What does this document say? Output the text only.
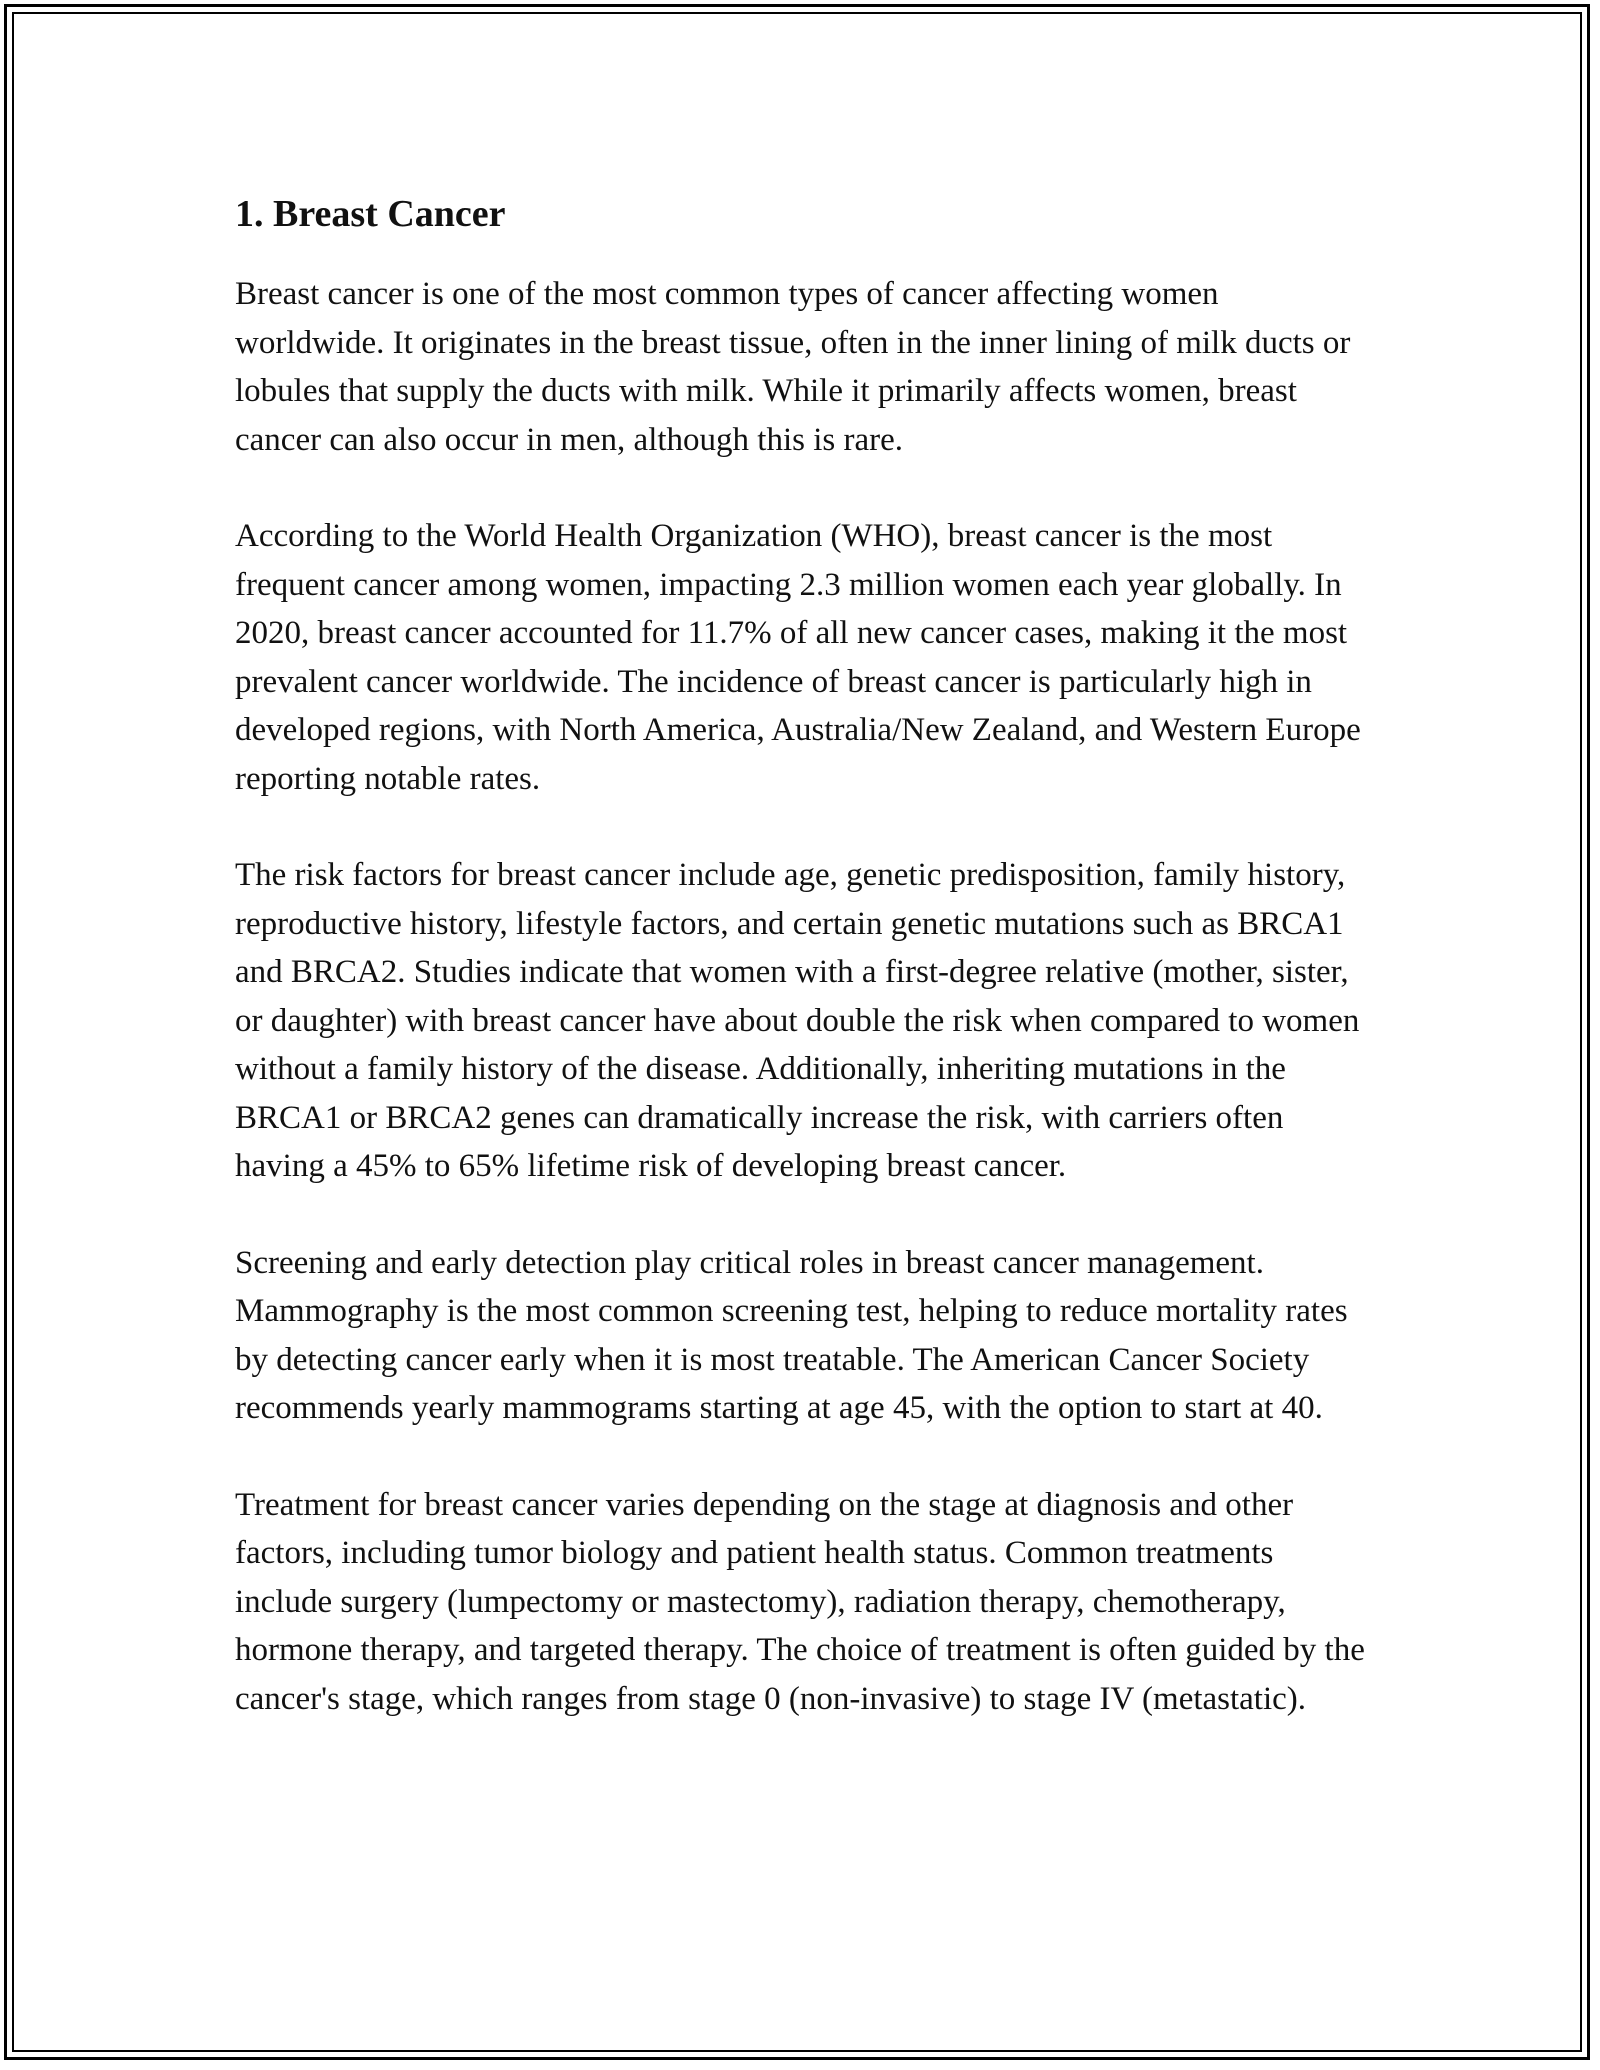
1. Breast Cancer

Breast cancer is one of the most common types of cancer affecting women worldwide. It originates in the breast tissue, often in the inner lining of milk ducts or lobules that supply the ducts with milk. While it primarily affects women, breast cancer can also occur in men, although this is rare.

According to the World Health Organization (WHO), breast cancer is the most frequent cancer among women, impacting 2.3 million women each year globally. In 2020, breast cancer accounted for 11.7% of all new cancer cases, making it the most prevalent cancer worldwide. The incidence of breast cancer is particularly high in developed regions, with North America, Australia/New Zealand, and Western Europe reporting notable rates.

The risk factors for breast cancer include age, genetic predisposition, family history, reproductive history, lifestyle factors, and certain genetic mutations such as BRCA1 and BRCA2. Studies indicate that women with a first-degree relative (mother, sister, or daughter) with breast cancer have about double the risk when compared to women without a family history of the disease. Additionally, inheriting mutations in the BRCA1 or BRCA2 genes can dramatically increase the risk, with carriers often having a 45% to 65% lifetime risk of developing breast cancer.

Screening and early detection play critical roles in breast cancer management. Mammography is the most common screening test, helping to reduce mortality rates by detecting cancer early when it is most treatable. The American Cancer Society recommends yearly mammograms starting at age 45, with the option to start at 40.

Treatment for breast cancer varies depending on the stage at diagnosis and other factors, including tumor biology and patient health status. Common treatments include surgery (lumpectomy or mastectomy), radiation therapy, chemotherapy, hormone therapy, and targeted therapy. The choice of treatment is often guided by the cancer's stage, which ranges from stage 0 (non-invasive) to stage IV (metastatic).
